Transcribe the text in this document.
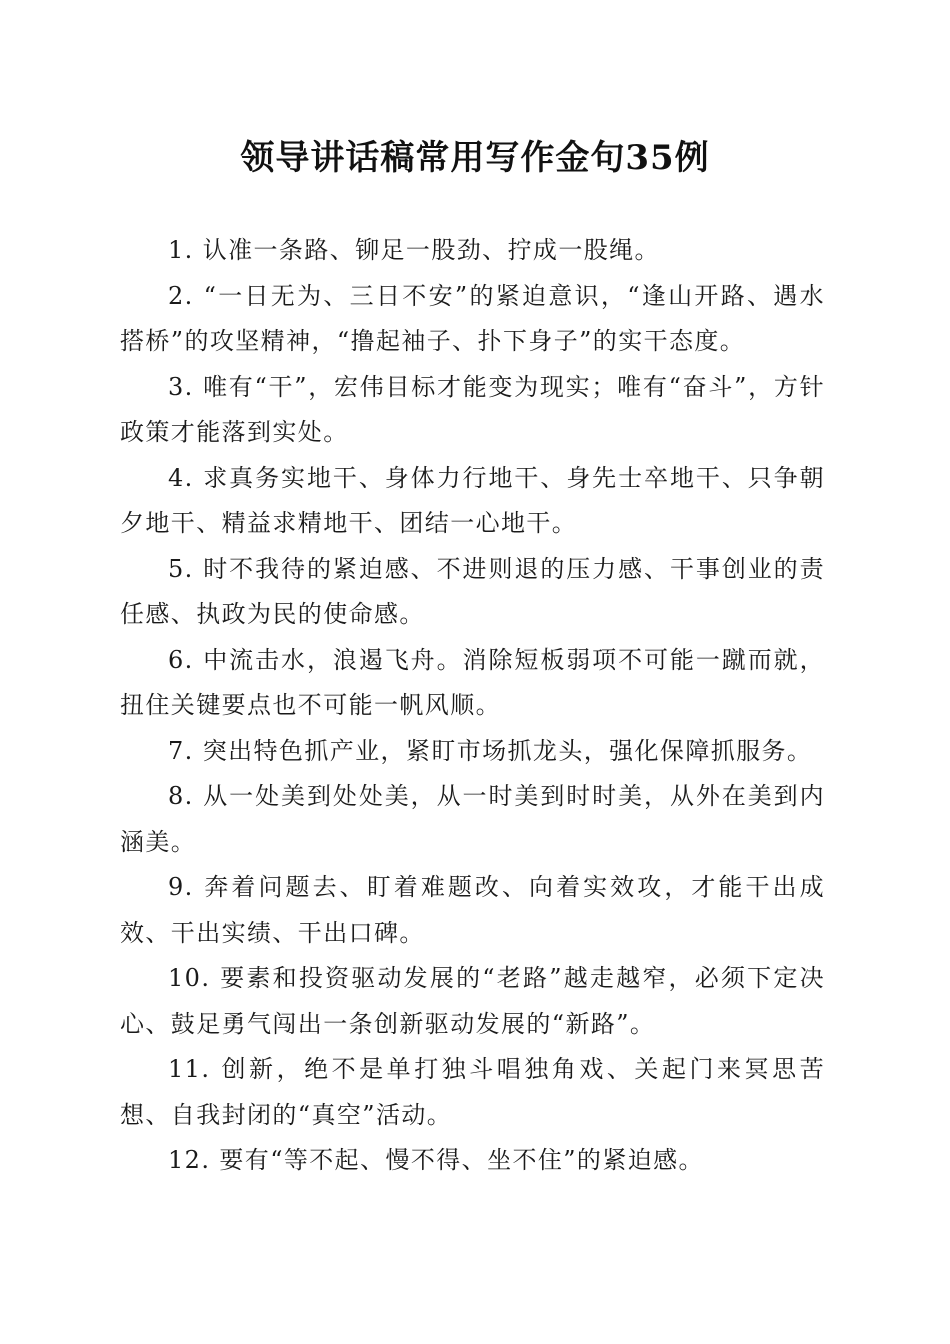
领导讲话稿常用写作金句35例

1. 认准一条路、铆足一股劲、拧成一股绳。

2. “一日无为、三日不安”的紧迫意识，“逢山开路、遇水搭桥”的攻坚精神，“撸起袖子、扑下身子”的实干态度。

3. 唯有“干”，宏伟目标才能变为现实；唯有“奋斗”，方针政策才能落到实处。

4. 求真务实地干、身体力行地干、身先士卒地干、只争朝夕地干、精益求精地干、团结一心地干。

5. 时不我待的紧迫感、不进则退的压力感、干事创业的责任感、执政为民的使命感。

6. 中流击水，浪遏飞舟。消除短板弱项不可能一蹴而就，扭住关键要点也不可能一帆风顺。

7. 突出特色抓产业，紧盯市场抓龙头，强化保障抓服务。

8. 从一处美到处处美，从一时美到时时美，从外在美到内涵美。

9. 奔着问题去、盯着难题改、向着实效攻，才能干出成效、干出实绩、干出口碑。

10. 要素和投资驱动发展的“老路”越走越窄，必须下定决心、鼓足勇气闯出一条创新驱动发展的“新路”。

11. 创新，绝不是单打独斗唱独角戏、关起门来冥思苦想、自我封闭的“真空”活动。

12. 要有“等不起、慢不得、坐不住”的紧迫感。
